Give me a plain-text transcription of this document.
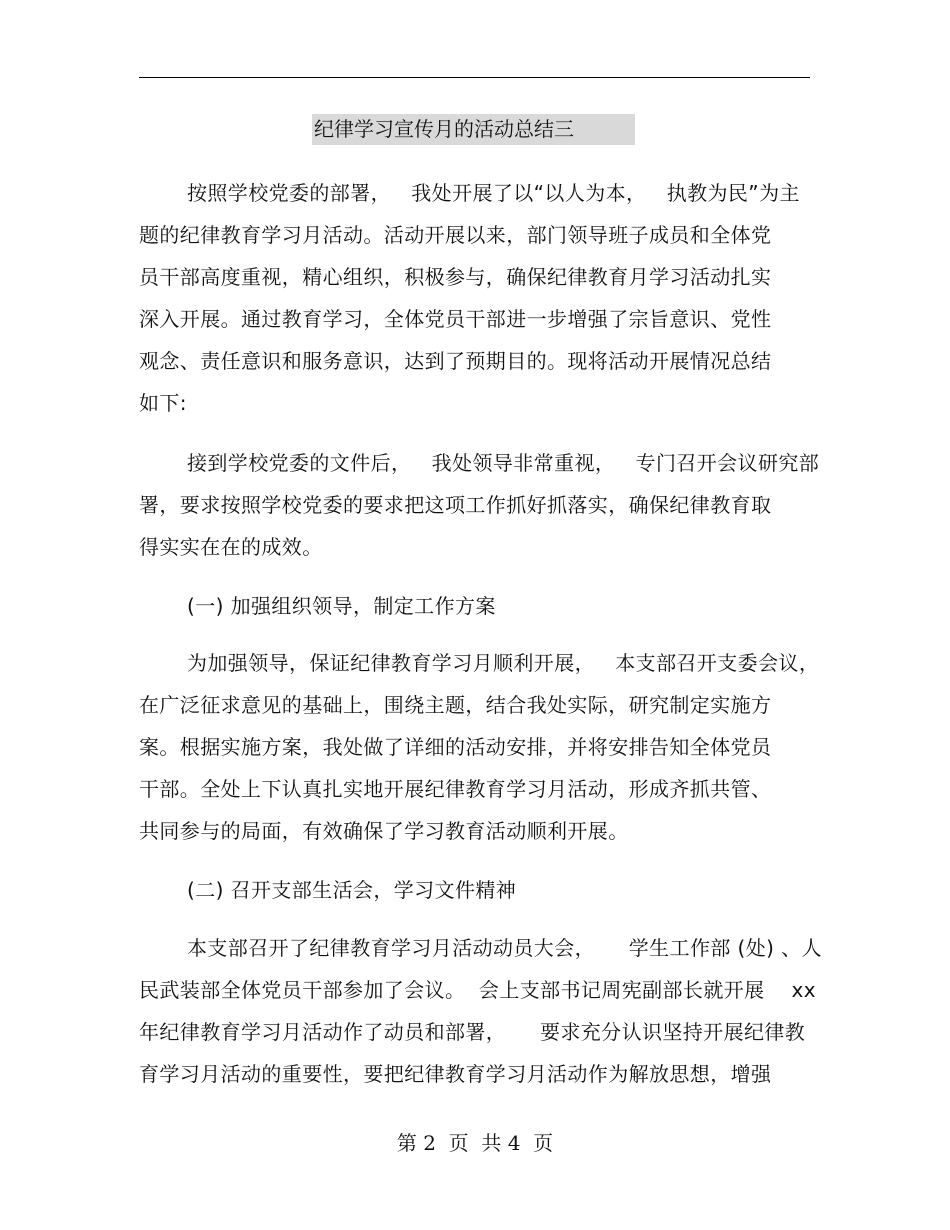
纪律学习宣传月的活动总结三
按照学校党委的部署，   我处开展了以“以人为本，   执教为民”为主
题的纪律教育学习月活动。活动开展以来，部门领导班子成员和全体党
员干部高度重视，精心组织，积极参与，确保纪律教育月学习活动扎实
深入开展。通过教育学习，全体党员干部进一步增强了宗旨意识、党性
观念、责任意识和服务意识，达到了预期目的。现将活动开展情况总结
如下:
接到学校党委的文件后，   我处领导非常重视，   专门召开会议研究部
署，要求按照学校党委的要求把这项工作抓好抓落实，确保纪律教育取
得实实在在的成效。
(一) 加强组织领导，制定工作方案
为加强领导，保证纪律教育学习月顺利开展，   本支部召开支委会议，
在广泛征求意见的基础上，围绕主题，结合我处实际，研究制定实施方
案。根据实施方案，我处做了详细的活动安排，并将安排告知全体党员
干部。全处上下认真扎实地开展纪律教育学习月活动，形成齐抓共管、
共同参与的局面，有效确保了学习教育活动顺利开展。
(二) 召开支部生活会，学习文件精神
本支部召开了纪律教育学习月活动动员大会，     学生工作部 (处) 、人
民武装部全体党员干部参加了会议。  会上支部书记周宪副部长就开展    xx
年纪律教育学习月活动作了动员和部署，     要求充分认识坚持开展纪律教
育学习月活动的重要性，要把纪律教育学习月活动作为解放思想，增强
第 2  页  共 4  页
